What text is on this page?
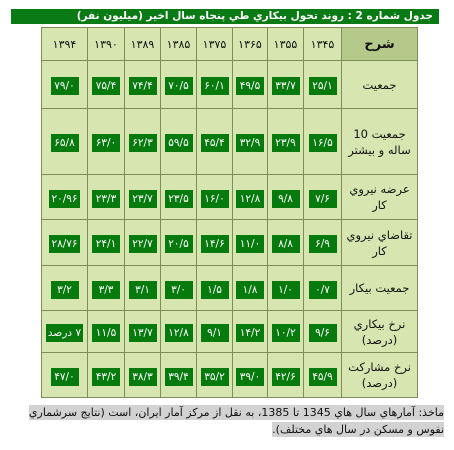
جدول شماره 2 : روند تحول بيكاري طي پنجاه سال اخير (ميليون نفر)
شرح	۱۳۴۵	۱۳۵۵	۱۳۶۵	۱۳۷۵	۱۳۸۵	۱۳۸۹	۱۳۹۰	۱۳۹۴
جمعيت	۲۵/۱	۳۳/۷	۴۹/۵	۶۰/۱	۷۰/۵	۷۴/۴	۷۵/۴	۷۹/۰
جمعيت 10 ساله و بيشتر	۱۶/۵	۲۳/۹	۳۲/۹	۴۵/۴	۵۹/۵	۶۲/۳	۶۳/۰	۶۵/۸
عرضه نيروي كار	۷/۶	۹/۸	۱۲/۸	۱۶/۰	۲۳/۵	۲۳/۷	۲۳/۳	۲۰/۹۶
تقاضاي نيروي كار	۶/۹	۸/۸	۱۱/۰	۱۴/۶	۲۰/۵	۲۲/۷	۲۴/۱	۲۸/۷۶
جمعيت بيكار	۰/۷	۱/۰	۱/۸	۱/۵	۳/۰	۳/۱	۳/۳	۳/۲
نرخ بيكاري (درصد)	۹/۶	۱۰/۲	۱۴/۲	۹/۱	۱۲/۸	۱۳/۷	۱۱/۵	۷ درصد
نرخ مشاركت (درصد)	۴۵/۹	۴۲/۶	۳۹/۰	۳۵/۲	۳۹/۴	۳۸/۳	۴۳/۲	۴۷/۰
ماخذ: آمارهاي سال هاي 1345 تا 1385، به نقل از مركز آمار ايران، است (نتايج سرشماري نفوس و مسكن در سال هاي مختلف).
